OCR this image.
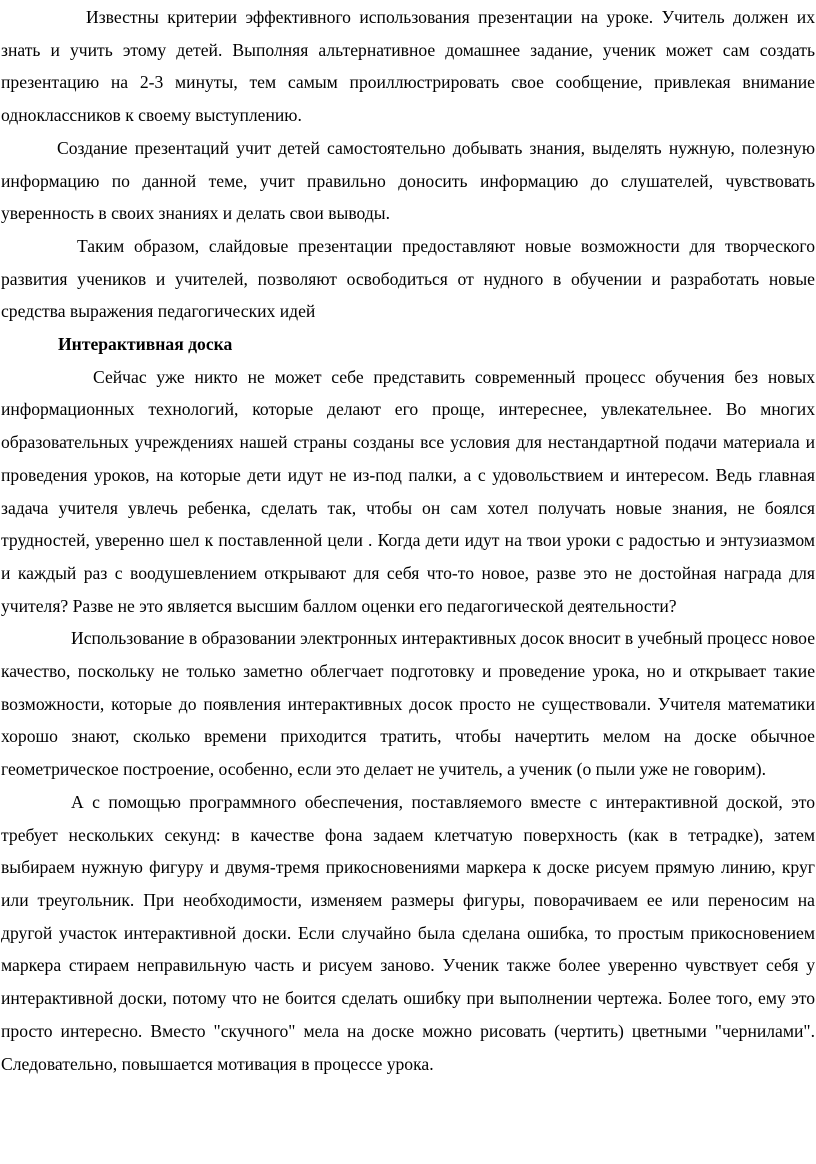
Известны критерии эффективного использования презентации на уроке. Учитель должен их знать и учить этому детей. Выполняя альтернативное домашнее задание, ученик может сам создать презентацию на 2-3 минуты, тем самым проиллюстрировать свое сообщение, привлекая внимание одноклассников к своему выступлению.

Создание презентаций учит детей самостоятельно добывать знания, выделять нужную, полезную информацию по данной теме, учит правильно доносить информацию до слушателей, чувствовать уверенность в своих знаниях и делать свои выводы.

Таким образом, слайдовые презентации предоставляют новые возможности для творческого развития учеников и учителей, позволяют освободиться от нудного в обучении и разработать новые средства выражения педагогических идей

Интерактивная доска

Сейчас уже никто не может себе представить современный процесс обучения без новых информационных технологий, которые делают его проще, интереснее, увлекательнее. Во многих образовательных учреждениях нашей страны созданы все условия для нестандартной подачи материала и проведения уроков, на которые дети идут не из-под палки, а с удовольствием и интересом. Ведь главная задача учителя увлечь ребенка, сделать так, чтобы он сам хотел получать новые знания, не боялся трудностей, уверенно шел к поставленной цели . Когда дети идут на твои уроки с радостью и энтузиазмом и каждый раз с воодушевлением открывают для себя что-то новое, разве это не достойная награда для учителя? Разве не это является высшим баллом оценки его педагогической деятельности?

Использование в образовании электронных интерактивных досок вносит в учебный процесс новое качество, поскольку не только заметно облегчает подготовку и проведение урока, но и открывает такие возможности, которые до появления интерактивных досок просто не существовали. Учителя математики хорошо знают, сколько времени приходится тратить, чтобы начертить мелом на доске обычное геометрическое построение, особенно, если это делает не учитель, а ученик (о пыли уже не говорим).

А с помощью программного обеспечения, поставляемого вместе с интерактивной доской, это требует нескольких секунд: в качестве фона задаем клетчатую поверхность (как в тетрадке), затем выбираем нужную фигуру и двумя-тремя прикосновениями маркера к доске рисуем прямую линию, круг или треугольник. При необходимости, изменяем размеры фигуры, поворачиваем ее или переносим на другой участок интерактивной доски. Если случайно была сделана ошибка, то простым прикосновением маркера стираем неправильную часть и рисуем заново. Ученик также более уверенно чувствует себя у интерактивной доски, потому что не боится сделать ошибку при выполнении чертежа. Более того, ему это просто интересно. Вместо "скучного" мела на доске можно рисовать (чертить) цветными "чернилами". Следовательно, повышается мотивация в процессе урока.
